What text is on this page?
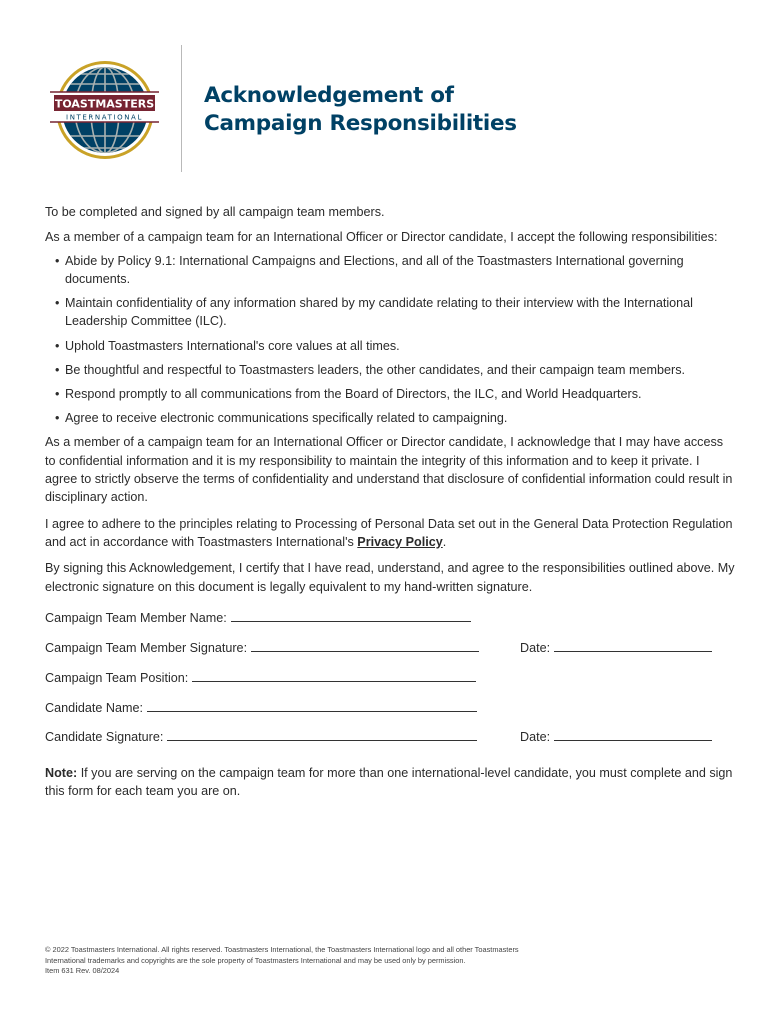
TOASTMASTERS
INTERNATIONAL
Acknowledgement of
Campaign Responsibilities

To be completed and signed by all campaign team members.

As a member of a campaign team for an International Officer or Director candidate, I accept the following responsibilities:

• Abide by Policy 9.1: International Campaigns and Elections, and all of the Toastmasters International governing documents.
• Maintain confidentiality of any information shared by my candidate relating to their interview with the International Leadership Committee (ILC).
• Uphold Toastmasters International's core values at all times.
• Be thoughtful and respectful to Toastmasters leaders, the other candidates, and their campaign team members.
• Respond promptly to all communications from the Board of Directors, the ILC, and World Headquarters.
• Agree to receive electronic communications specifically related to campaigning.

As a member of a campaign team for an International Officer or Director candidate, I acknowledge that I may have access to confidential information and it is my responsibility to maintain the integrity of this information and to keep it private. I agree to strictly observe the terms of confidentiality and understand that disclosure of confidential information could result in disciplinary action.

I agree to adhere to the principles relating to Processing of Personal Data set out in the General Data Protection Regulation and act in accordance with Toastmasters International's Privacy Policy.

By signing this Acknowledgement, I certify that I have read, understand, and agree to the responsibilities outlined above. My electronic signature on this document is legally equivalent to my hand-written signature.

Campaign Team Member Name:
Campaign Team Member Signature:	Date:
Campaign Team Position:
Candidate Name:
Candidate Signature:	Date:

Note: If you are serving on the campaign team for more than one international-level candidate, you must complete and sign this form for each team you are on.

© 2022 Toastmasters International. All rights reserved. Toastmasters International, the Toastmasters International logo and all other Toastmasters

International trademarks and copyrights are the sole property of Toastmasters International and may be used only by permission.

Item 631 Rev. 08/2024
